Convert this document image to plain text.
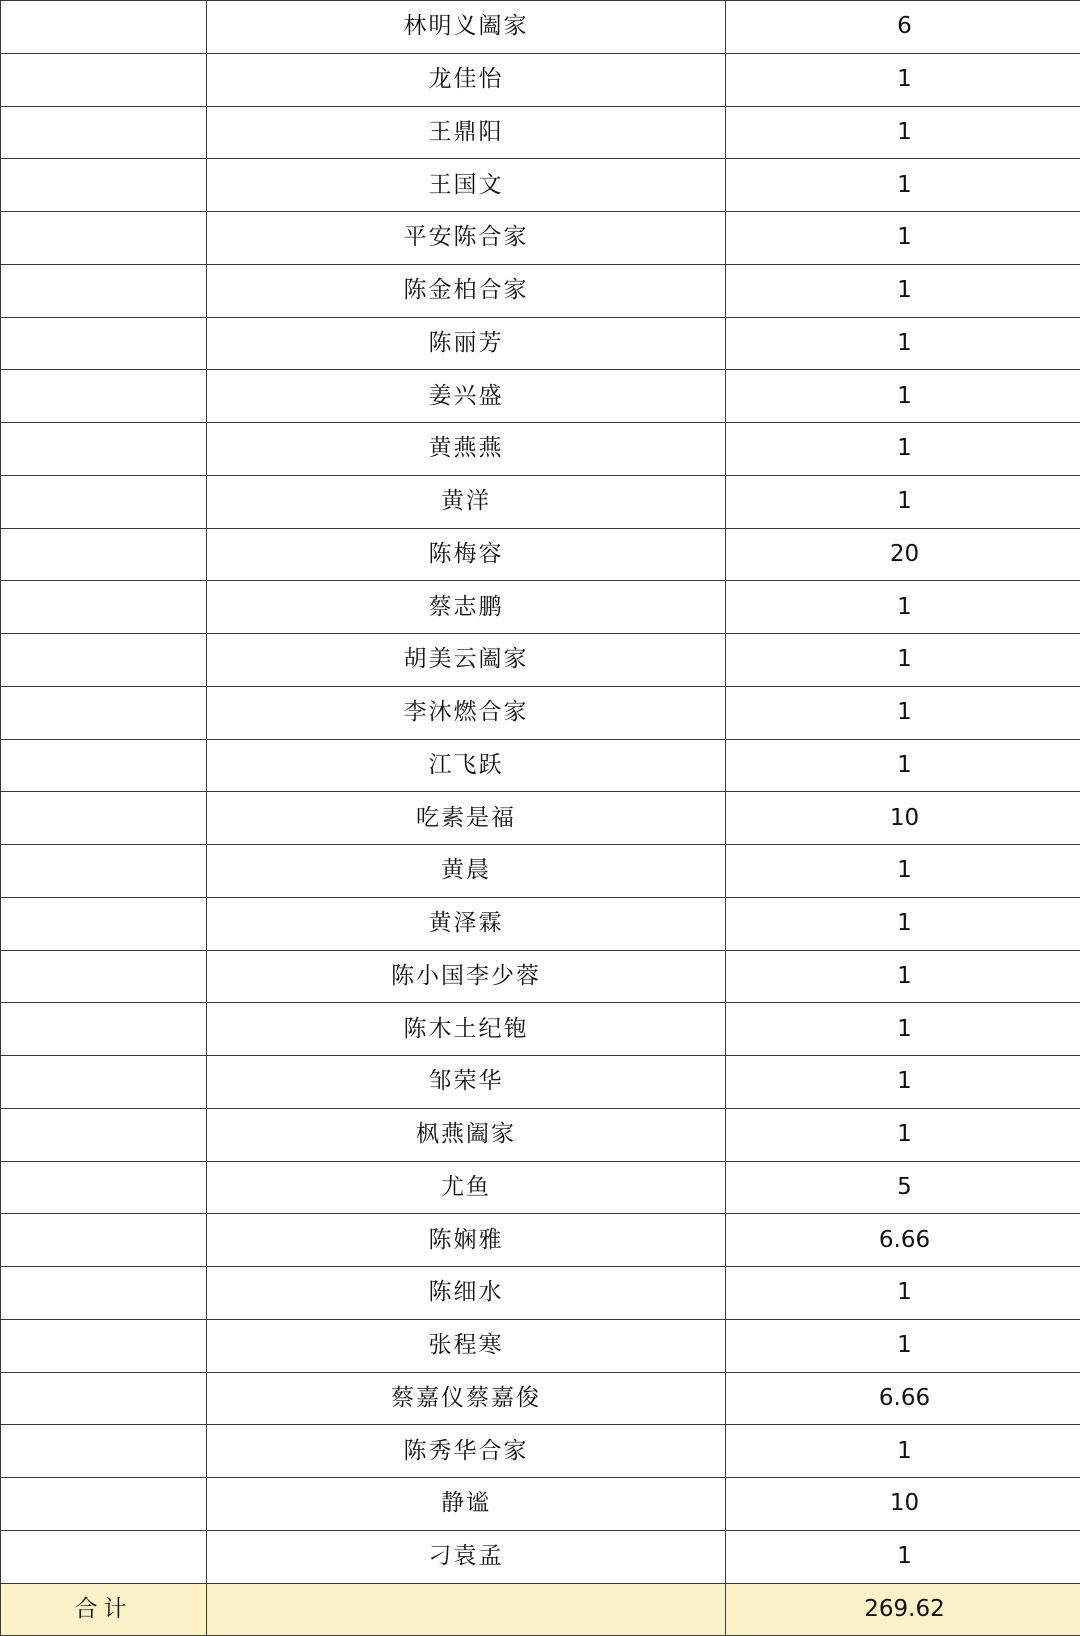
	林明义阖家	6
	龙佳怡	1
	王鼎阳	1
	王国文	1
	平安陈合家	1
	陈金柏合家	1
	陈丽芳	1
	姜兴盛	1
	黄燕燕	1
	黄洋	1
	陈梅容	20
	蔡志鹏	1
	胡美云阖家	1
	李沐燃合家	1
	江飞跃	1
	吃素是福	10
	黄晨	1
	黄泽霖	1
	陈小国李少蓉	1
	陈木土纪铇	1
	邹荣华	1
	枫燕阖家	1
	尤鱼	5
	陈娴雅	6.66
	陈细水	1
	张程寒	1
	蔡嘉仪蔡嘉俊	6.66
	陈秀华合家	1
	静谧	10
	刁袁孟	1
合计		269.62
